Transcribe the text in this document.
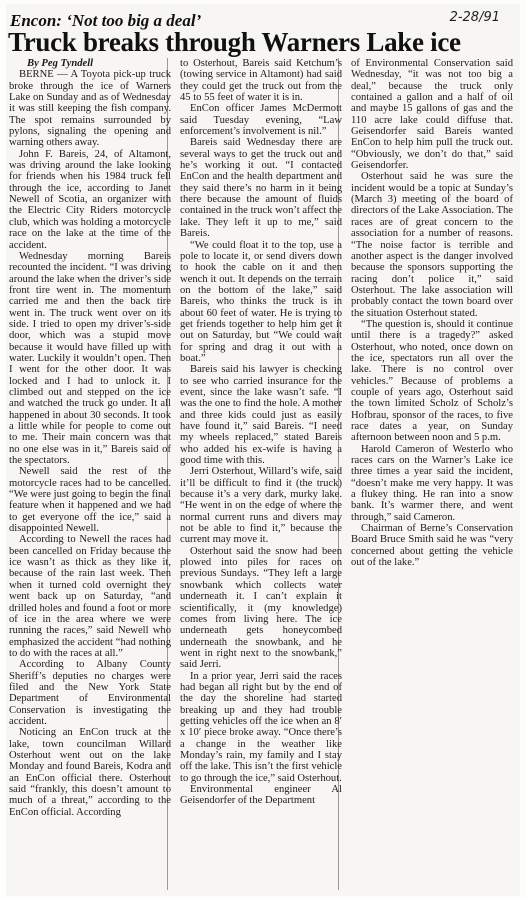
Encon: ‘Not too big a deal’	2-28/91
Truck breaks through Warners Lake ice

By Peg Tyndell

BERNE — A Toyota pick-up truck broke through the ice of Warners Lake on Sunday and as of Wednesday it was still keeping the fish company. The spot remains surrounded by pylons, signaling the opening and warning others away.

John F. Bareis, 24, of Altamont, was driving around the lake looking for friends when his 1984 truck fell through the ice, according to Janet Newell of Scotia, an organizer with the Electric City Riders motorcycle club, which was holding a motorcycle race on the lake at the time of the accident.

Wednesday morning Bareis recounted the incident. “I was driving around the lake when the driver’s side front tire went in. The momentum carried me and then the back tire went in. The truck went over on its side. I tried to open my driver’s-side door, which was a stupid move because it would have filled up with water. Luckily it wouldn’t open. Then I went for the other door. It was locked and I had to unlock it. I climbed out and stepped on the ice and watched the truck go under. It all happened in about 30 seconds. It took a little while for people to come out to me. Their main concern was that no one else was in it,” Bareis said of the spectators.

Newell said the rest of the motorcycle races had to be cancelled. “We were just going to begin the final feature when it happened and we had to get everyone off the ice,” said a disappointed Newell.

According to Newell the races had been cancelled on Friday because the ice wasn’t as thick as they like it, because of the rain last week. Then when it turned cold overnight they went back up on Saturday, “and drilled holes and found a foot or more of ice in the area where we were running the races,” said Newell who emphasized the accident “had nothing to do with the races at all.”

According to Albany County Sheriff’s deputies no charges were filed and the New York State Department of Environmental Conservation is investigating the accident.

Noticing an EnCon truck at the lake, town councilman Willard Osterhout went out on the lake Monday and found Bareis, Kodra and an EnCon official there. Osterhout said “frankly, this doesn’t amount to much of a threat,” according to the EnCon official. According

to Osterhout, Bareis said Ketchum’s (towing service in Altamont) had said they could get the truck out from the 45 to 55 feet of water it is in.

EnCon officer James McDermott said Tuesday evening, “Law enforcement’s involvement is nil.”

Bareis said Wednesday there are several ways to get the truck out and he’s working it out. “I contacted EnCon and the health department and they said there’s no harm in it being there because the amount of fluids contained in the truck won’t affect the lake. They left it up to me,” said Bareis.

“We could float it to the top, use a pole to locate it, or send divers down to hook the cable on it and then wench it out. It depends on the terrain on the bottom of the lake,” said Bareis, who thinks the truck is in about 60 feet of water. He is trying to get friends together to help him get it out on Saturday, but “We could wait for spring and drag it out with a boat.”

Bareis said his lawyer is checking to see who carried insurance for the event, since the lake wasn’t safe. “I was the one to find the hole. A mother and three kids could just as easily have found it,” said Bareis. “I need my wheels replaced,” stated Bareis who added his ex-wife is having a good time with this.

Jerri Osterhout, Willard’s wife, said it’ll be difficult to find it (the truck) because it’s a very dark, murky lake. “He went in on the edge of where the normal current runs and divers may not be able to find it,” because the current may move it.

Osterhout said the snow had been plowed into piles for races on previous Sundays. “They left a large snowbank which collects water underneath it. I can’t explain it scientifically, it (my knowledge) comes from living here. The ice underneath gets honeycombed underneath the snowbank, and he went in right next to the snowbank,” said Jerri.

In a prior year, Jerri said the races had began all right but by the end of the day the shoreline had started breaking up and they had trouble getting vehicles off the ice when an 8′ x 10′ piece broke away. “Once there’s a change in the weather like Monday’s rain, my family and I stay off the lake. This isn’t the first vehicle to go through the ice,” said Osterhout.

Environmental engineer Al Geisendorfer of the Department

of Environmental Conservation said Wednesday, “it was not too big a deal,” because the truck only contained a gallon and a half of oil and maybe 15 gallons of gas and the 110 acre lake could diffuse that. Geisendorfer said Bareis wanted EnCon to help him pull the truck out. “Obviously, we don’t do that,” said Geisendorfer.

Osterhout said he was sure the incident would be a topic at Sunday’s (March 3) meeting of the board of directors of the Lake Association. The races are of great concern to the association for a number of reasons. “The noise factor is terrible and another aspect is the danger involved because the sponsors supporting the racing don’t police it,” said Osterhout. The lake association will probably contact the town board over the situation Osterhout stated.

“The question is, should it continue until there is a tragedy?” asked Osterhout, who noted, once down on the ice, spectators run all over the lake. There is no control over vehicles.” Because of problems a couple of years ago, Osterhout said the town limited Scholz of Scholz’s Hofbrau, sponsor of the races, to five race dates a year, on Sunday afternoon between noon and 5 p.m.

Harold Cameron of Westerlo who races cars on the Warner’s Lake ice three times a year said the incident, “doesn’t make me very happy. It was a flukey thing. He ran into a snow bank. It’s warmer there, and went through,” said Cameron.

Chairman of Berne’s Conservation Board Bruce Smith said he was “very concerned about getting the vehicle out of the lake.”
